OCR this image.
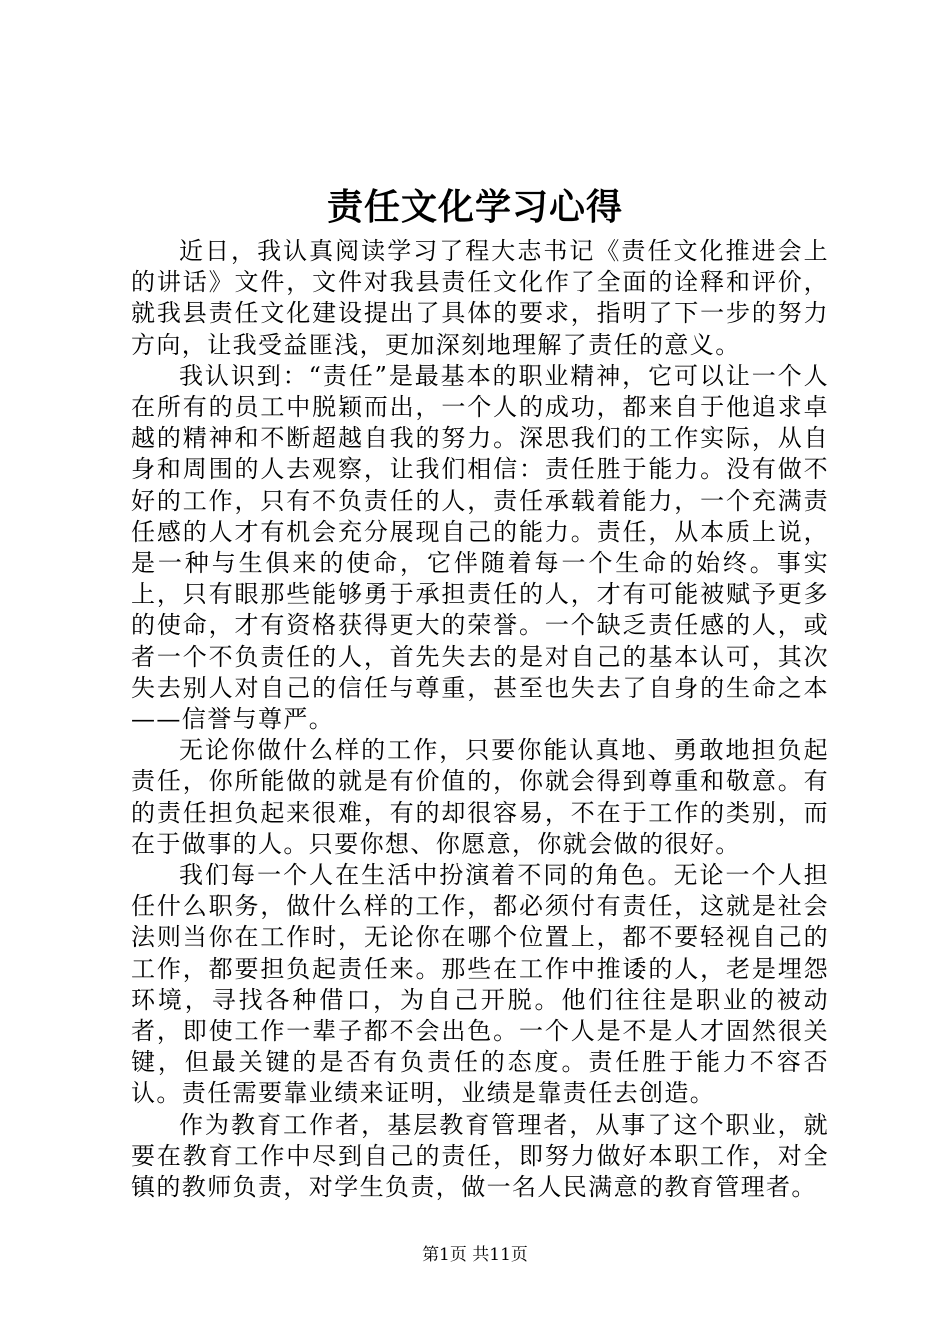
责任文化学习心得

近日，我认真阅读学习了程大志书记《责任文化推进会上的讲话》文件，文件对我县责任文化作了全面的诠释和评价，就我县责任文化建设提出了具体的要求，指明了下一步的努力方向，让我受益匪浅，更加深刻地理解了责任的意义。

我认识到：“责任”是最基本的职业精神，它可以让一个人在所有的员工中脱颖而出，一个人的成功，都来自于他追求卓越的精神和不断超越自我的努力。深思我们的工作实际，从自身和周围的人去观察，让我们相信：责任胜于能力。没有做不好的工作，只有不负责任的人，责任承载着能力，一个充满责任感的人才有机会充分展现自己的能力。责任，从本质上说，是一种与生俱来的使命，它伴随着每一个生命的始终。事实上，只有眼那些能够勇于承担责任的人，才有可能被赋予更多的使命，才有资格获得更大的荣誉。一个缺乏责任感的人，或者一个不负责任的人，首先失去的是对自己的基本认可，其次失去别人对自己的信任与尊重，甚至也失去了自身的生命之本——信誉与尊严。

无论你做什么样的工作，只要你能认真地、勇敢地担负起责任，你所能做的就是有价值的，你就会得到尊重和敬意。有的责任担负起来很难，有的却很容易，不在于工作的类别，而在于做事的人。只要你想、你愿意，你就会做的很好。

我们每一个人在生活中扮演着不同的角色。无论一个人担任什么职务，做什么样的工作，都必须付有责任，这就是社会法则当你在工作时，无论你在哪个位置上，都不要轻视自己的工作，都要担负起责任来。那些在工作中推诿的人，老是埋怨环境，寻找各种借口，为自己开脱。他们往往是职业的被动者，即使工作一辈子都不会出色。一个人是不是人才固然很关键，但最关键的是否有负责任的态度。责任胜于能力不容否认。责任需要靠业绩来证明，业绩是靠责任去创造。

作为教育工作者，基层教育管理者，从事了这个职业，就要在教育工作中尽到自己的责任，即努力做好本职工作，对全镇的教师负责，对学生负责，做一名人民满意的教育管理者。

第1页 共11页
